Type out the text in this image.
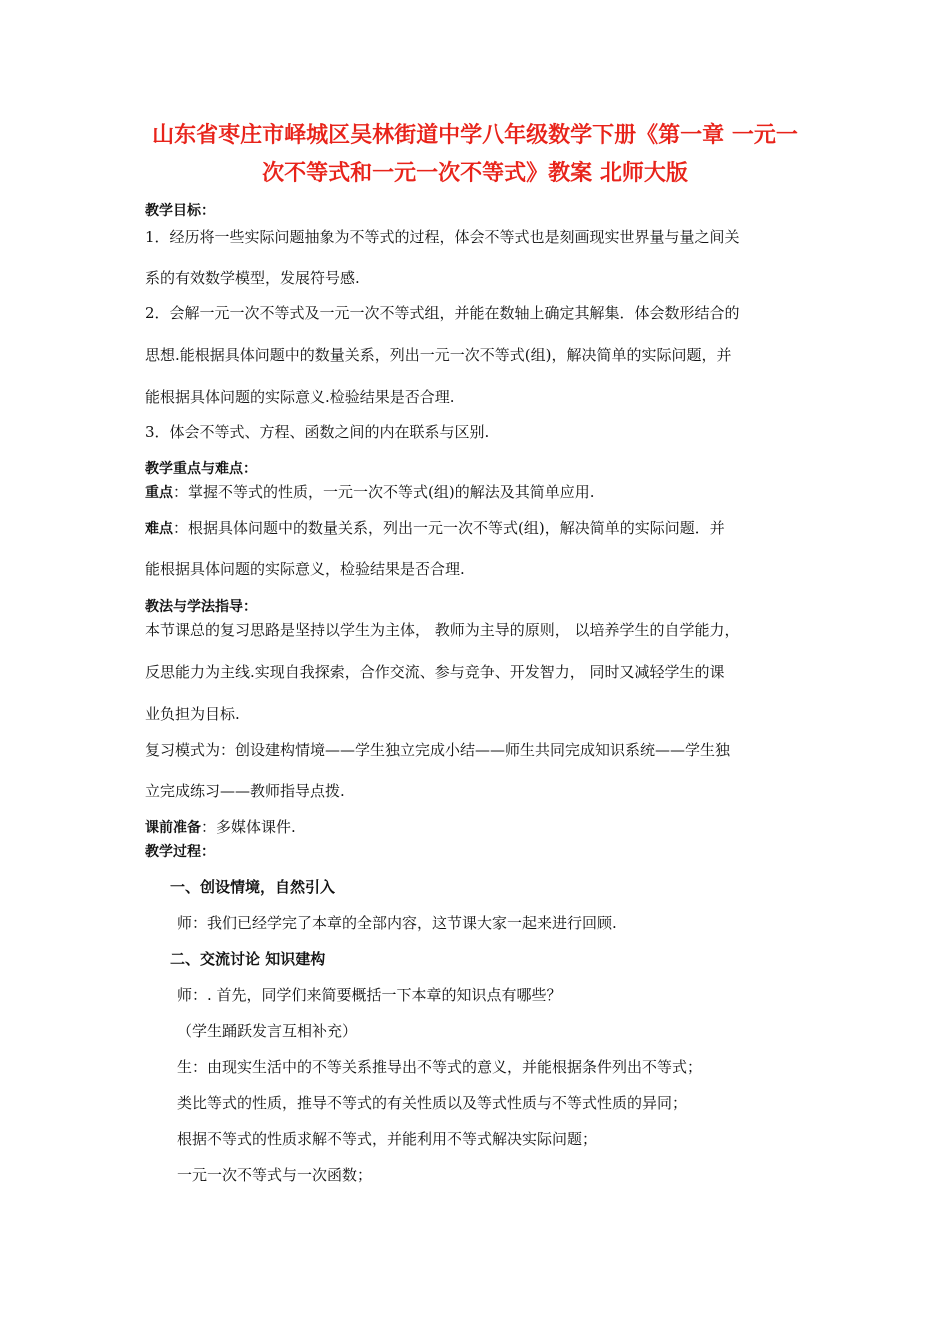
山东省枣庄市峄城区吴林街道中学八年级数学下册《第一章 一元一
次不等式和一元一次不等式》教案 北师大版
教学目标：
1．经历将一些实际问题抽象为不等式的过程，体会不等式也是刻画现实世界量与量之间关
系的有效数学模型，发展符号感.
2．会解一元一次不等式及一元一次不等式组，并能在数轴上确定其解集．体会数形结合的
思想.能根据具体问题中的数量关系，列出一元一次不等式(组)，解决简单的实际问题，并
能根据具体问题的实际意义.检验结果是否合理.
3．体会不等式、方程、函数之间的内在联系与区别.
教学重点与难点：
重点：掌握不等式的性质，一元一次不等式(组)的解法及其简单应用.
难点：根据具体问题中的数量关系，列出一元一次不等式(组)，解决简单的实际问题．并
能根据具体问题的实际意义，检验结果是否合理.
教法与学法指导：
本节课总的复习思路是坚持以学生为主体， 教师为主导的原则， 以培养学生的自学能力，
反思能力为主线.实现自我探索，合作交流、参与竞争、开发智力， 同时又减轻学生的课
业负担为目标.
复习模式为：创设建构情境——学生独立完成小结——师生共同完成知识系统——学生独
立完成练习——教师指导点拨.
课前准备：多媒体课件.
教学过程：
一、创设情境，自然引入
师：我们已经学完了本章的全部内容，这节课大家一起来进行回顾.
二、交流讨论 知识建构
师：. 首先，同学们来简要概括一下本章的知识点有哪些？
（学生踊跃发言互相补充）
生：由现实生活中的不等关系推导出不等式的意义，并能根据条件列出不等式；
类比等式的性质，推导不等式的有关性质以及等式性质与不等式性质的异同；
根据不等式的性质求解不等式，并能利用不等式解决实际问题；
一元一次不等式与一次函数；
